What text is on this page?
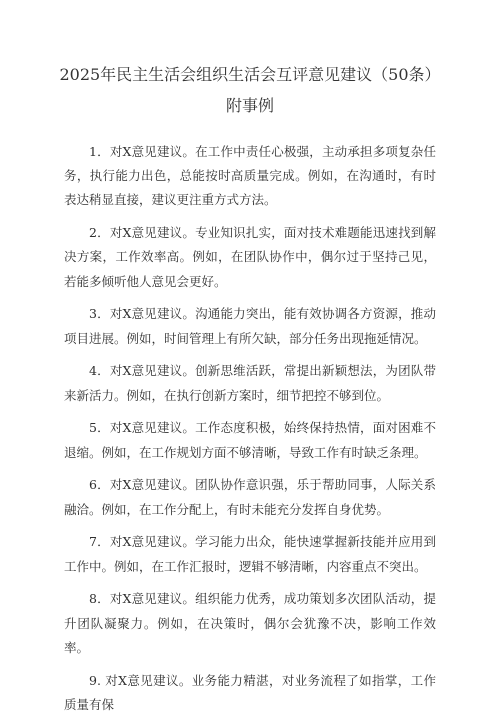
2025年民主生活会组织生活会互评意见建议（50条）
附事例

1．对X意见建议。在工作中责任心极强，主动承担多项复杂任务，执行能力出色，总能按时高质量完成。例如，在沟通时，有时表达稍显直接，建议更注重方式方法。

2．对X意见建议。专业知识扎实，面对技术难题能迅速找到解决方案，工作效率高。例如，在团队协作中，偶尔过于坚持己见，若能多倾听他人意见会更好。

3．对X意见建议。沟通能力突出，能有效协调各方资源，推动项目进展。例如，时间管理上有所欠缺，部分任务出现拖延情况。

4．对X意见建议。创新思维活跃，常提出新颖想法，为团队带来新活力。例如，在执行创新方案时，细节把控不够到位。

5．对X意见建议。工作态度积极，始终保持热情，面对困难不退缩。例如，在工作规划方面不够清晰，导致工作有时缺乏条理。

6．对X意见建议。团队协作意识强，乐于帮助同事，人际关系融洽。例如，在工作分配上，有时未能充分发挥自身优势。

7．对X意见建议。学习能力出众，能快速掌握新技能并应用到工作中。例如，在工作汇报时，逻辑不够清晰，内容重点不突出。

8．对X意见建议。组织能力优秀，成功策划多次团队活动，提升团队凝聚力。例如，在决策时，偶尔会犹豫不决，影响工作效率。

9. 对X意见建议。业务能力精湛，对业务流程了如指掌，工作质量有保
